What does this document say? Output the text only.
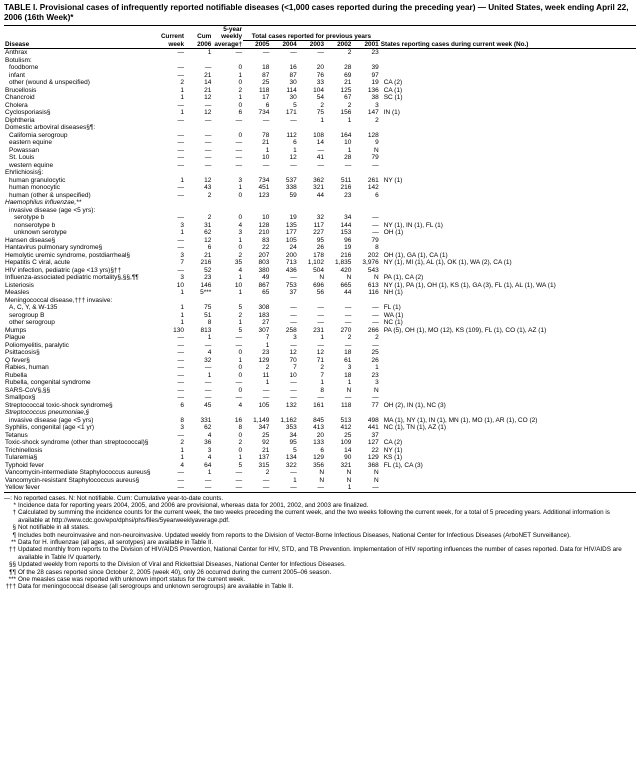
TABLE I. Provisional cases of infrequently reported notifiable diseases (<1,000 cases reported during the preceding year) — United States, week ending April 22, 2006 (16th Week)*
			5-year						
	Current	Cum	weekly	Total cases reported for previous years					
Disease	week	2006	average†	2005	2004	2003	2002	2001	States reporting cases during current week (No.)
Anthrax	—	1	—	—	—	—	2	23	
Botulism:									
foodborne	—	—	0	18	16	20	28	39	
infant	—	21	1	87	87	76	69	97	
other (wound & unspecified)	2	14	0	25	30	33	21	19	CA (2)
Brucellosis	1	21	2	118	114	104	125	136	CA (1)
Chancroid	1	12	1	17	30	54	67	38	SC (1)
Cholera	—	—	0	6	5	2	2	3	
Cyclosporiasis§	1	12	6	734	171	75	156	147	IN (1)
Diphtheria	—	—	—	—	—	1	1	2	
Domestic arboviral diseases§¶:									
California serogroup	—	—	0	78	112	108	164	128	
eastern equine	—	—	—	21	6	14	10	9	
Powassan	—	—	—	1	1	—	1	N	
St. Louis	—	—	—	10	12	41	28	79	
western equine	—	—	—	—	—	—	—	—	
Ehrlichiosis§:									
human granulocytic	1	12	3	734	537	362	511	261	NY (1)
human monocytic	—	43	1	451	338	321	216	142	
human (other & unspecified)	—	2	0	123	59	44	23	6	
Haemophilus influenzae,**									
invasive disease (age <5 yrs):									
serotype b	—	2	0	10	19	32	34	—	
nonserotype b	3	31	4	128	135	117	144	—	NY (1), IN (1), FL (1)
unknown serotype	1	62	3	210	177	227	153	—	OH (1)
Hansen disease§	—	12	1	83	105	95	96	79	
Hantavirus pulmonary syndrome§	—	6	0	22	24	26	19	8	
Hemolytic uremic syndrome, postdiarrheal§	3	21	2	207	200	178	216	202	OH (1), GA (1), CA (1)
Hepatitis C viral, acute	7	216	35	803	713	1,102	1,835	3,976	NY (1), MI (1), AL (1), OK (1), WA (2), CA (1)
HIV infection, pediatric (age <13 yrs)§††	—	52	4	380	436	504	420	543	
Influenza-associated pediatric mortality§,§§,¶¶	3	23	1	49	—	N	N	N	PA (1), CA (2)
Listeriosis	10	146	10	867	753	696	665	613	NY (1), PA (1), OH (1), KS (1), GA (3), FL (1), AL (1), WA (1)
Measles	1	5***	1	65	37	56	44	116	NH (1)
Meningococcal disease,††† invasive:									
A, C, Y, & W-135	1	75	5	308	—	—	—	—	FL (1)
serogroup B	1	51	2	183	—	—	—	—	WA (1)
other serogroup	1	8	1	27	—	—	—	—	NC (1)
Mumps	130	813	5	307	258	231	270	266	PA (5), OH (1), MO (12), KS (109), FL (1), CO (1), AZ (1)
Plague	—	1	—	7	3	1	2	2	
Poliomyelitis, paralytic	—	—	—	1	—	—	—	—	
Psittacosis§	—	4	0	23	12	12	18	25	
Q fever§	—	32	1	129	70	71	61	26	
Rabies, human	—	—	0	2	7	2	3	1	
Rubella	—	1	0	11	10	7	18	23	
Rubella, congenital syndrome	—	—	—	1	—	1	1	3	
SARS-CoV§,§§	—	—	0	—	—	8	N	N	
Smallpox§	—	—	—	—	—	—	—	—	
Streptococcal toxic-shock syndrome§	6	45	4	105	132	161	118	77	OH (2), IN (1), NC (3)
Streptococcus pneumoniae,§									
invasive disease (age <5 yrs)	8	331	16	1,149	1,162	845	513	498	MA (1), NY (1), IN (1), MN (1), MO (1), AR (1), CO (2)
Syphilis, congenital (age <1 yr)	3	62	8	347	353	413	412	441	NC (1), TN (1), AZ (1)
Tetanus	—	4	0	25	34	20	25	37	
Toxic-shock syndrome (other than streptococcal)§	2	36	2	92	95	133	109	127	CA (2)
Trichinellosis	1	3	0	21	5	6	14	22	NY (1)
Tularemia§	1	4	1	137	134	129	90	129	KS (1)
Typhoid fever	4	64	5	315	322	356	321	368	FL (1), CA (3)
Vancomycin-intermediate Staphylococcus aureus§	—	1	—	2	—	N	N	N	
Vancomycin-resistant Staphylococcus aureus§	—	—	—	—	1	N	N	N	
Yellow fever	—	—	—	—	—	—	1	—	
—: No reported cases. N: Not notifiable. Cum: Cumulative year-to-date counts.
* Incidence data for reporting years 2004, 2005, and 2006 are provisional, whereas data for 2001, 2002, and 2003 are finalized.
† Calculated by summing the incidence counts for the current week, the two weeks preceding the current week, and the two weeks following the current week, for a total of 5 preceding years. Additional information is available at http://www.cdc.gov/epo/dphsi/phs/files/5yearweeklyaverage.pdf.
§ Not notifiable in all states.
¶ Includes both neuroinvasive and non-neuroinvasive. Updated weekly from reports to the Division of Vector-Borne Infectious Diseases, National Center for Infectious Diseases (ArboNET Surveillance).
** Data for H. influenzae (all ages, all serotypes) are available in Table II.
†† Updated monthly from reports to the Division of HIV/AIDS Prevention, National Center for HIV, STD, and TB Prevention. Implementation of HIV reporting influences the number of cases reported. Data for HIV/AIDS are available in Table IV quarterly.
§§ Updated weekly from reports to the Division of Viral and Rickettsial Diseases, National Center for Infectious Diseases.
¶¶ Of the 28 cases reported since October 2, 2005 (week 40), only 26 occurred during the current 2005–06 season.
*** One measles case was reported with unknown import status for the current week.
††† Data for meningococcal disease (all serogroups and unknown serogroups) are available in Table II.
